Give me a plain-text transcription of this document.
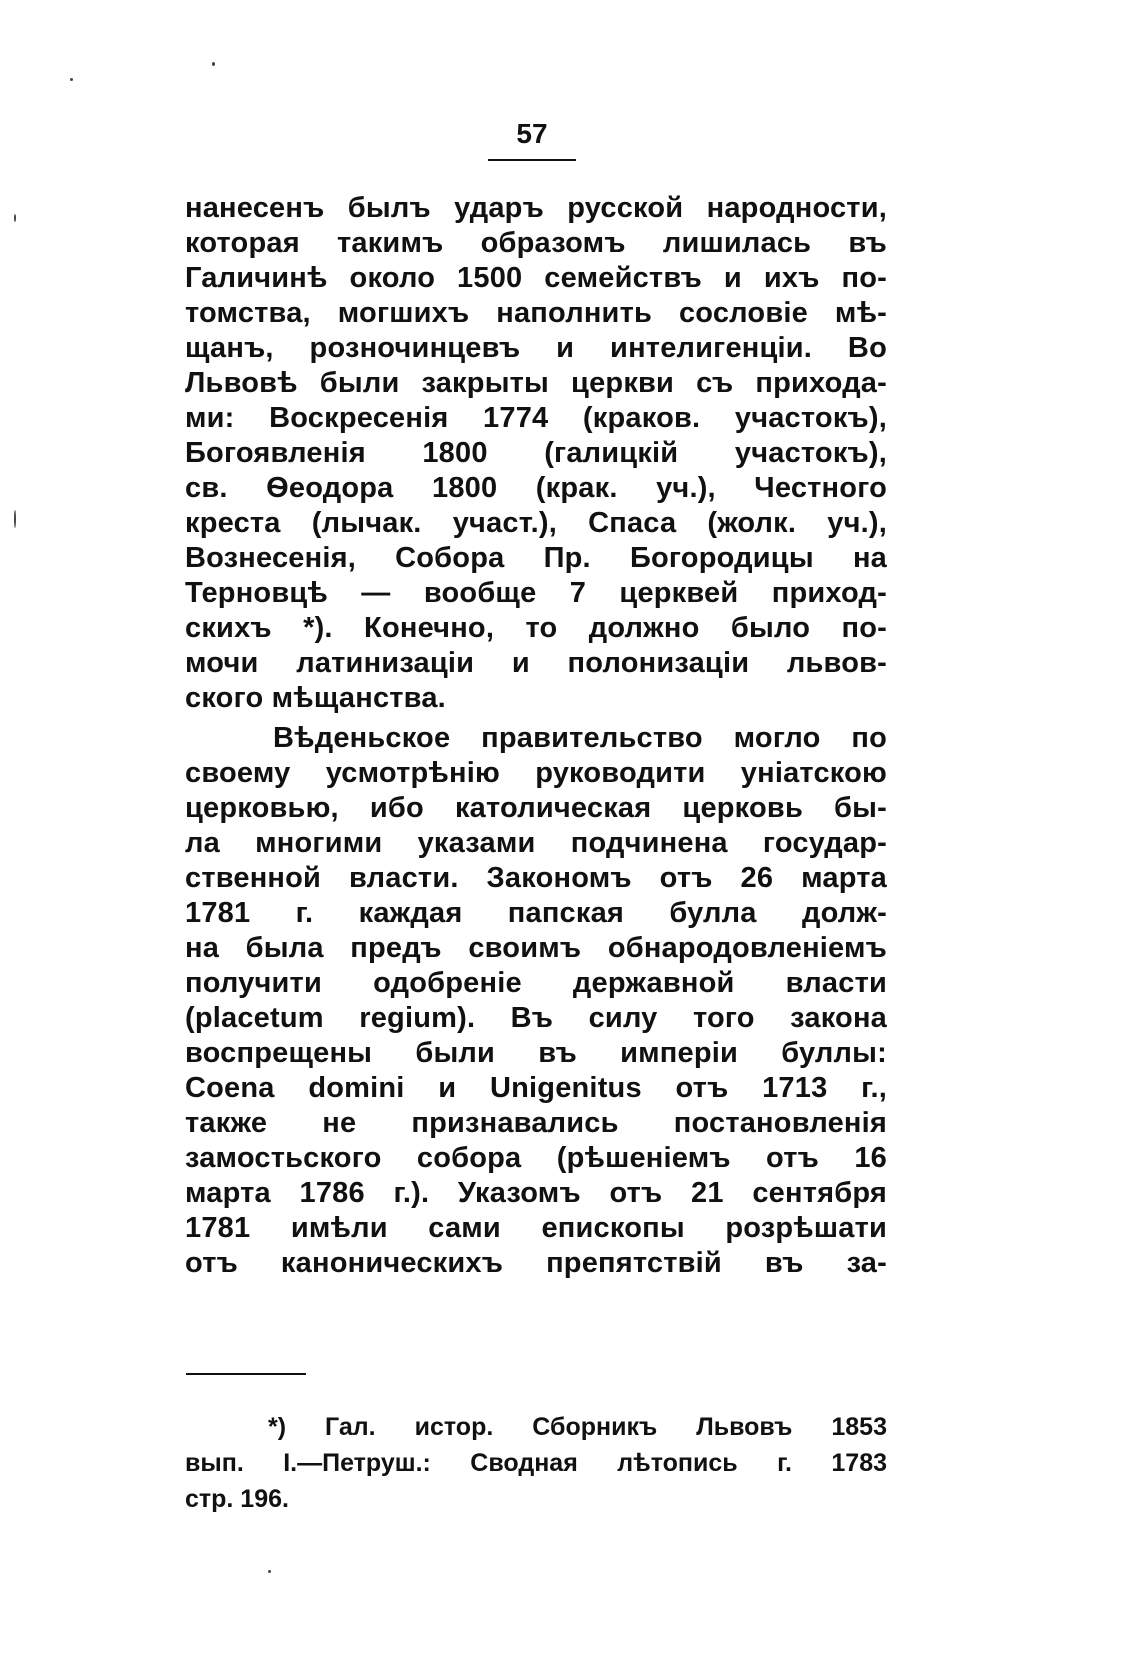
57
нанесенъ былъ ударъ русской народности,
которая такимъ образомъ лишилась въ
Галичинѣ около 1500 семействъ и ихъ по-
томства, могшихъ наполнить сословіе мѣ-
щанъ, розночинцевъ и интелигенціи. Во
Львовѣ были закрыты церкви съ прихода-
ми: Воскресенія 1774 (краков. участокъ),
Богоявленія 1800 (галицкій участокъ),
св. Ѳеодора 1800 (крак. уч.), Честного
креста (лычак. участ.), Спаса (жолк. уч.),
Вознесенія, Собора Пр. Богородицы на
Терновцѣ — вообще 7 церквей приход-
скихъ *). Конечно, то должно было по-
мочи латинизаціи и полонизаціи львов-
ского мѣщанства.
Вѣденьское правительство могло по
своему усмотрѣнію руководити уніатскою
церковью, ибо католическая церковь бы-
ла многими указами подчинена государ-
ственной власти. Закономъ отъ 26 марта
1781 г. каждая папская булла долж-
на была предъ своимъ обнародовленіемъ
получити одобреніе державной власти
(placetum regium). Въ силу того закона
воспрещены были въ имперіи буллы:
Coena domini и Unigenitus отъ 1713 г.,
также не признавались постановленія
замостьского собора (рѣшеніемъ отъ 16
марта 1786 г.). Указомъ отъ 21 сентября
1781 имѣли сами епископы розрѣшати
отъ каноническихъ препятствій въ за-
*) Гал. истор. Сборникъ Львовъ 1853
вып. I.—Петруш.: Сводная лѣтопись г. 1783
стр. 196.
